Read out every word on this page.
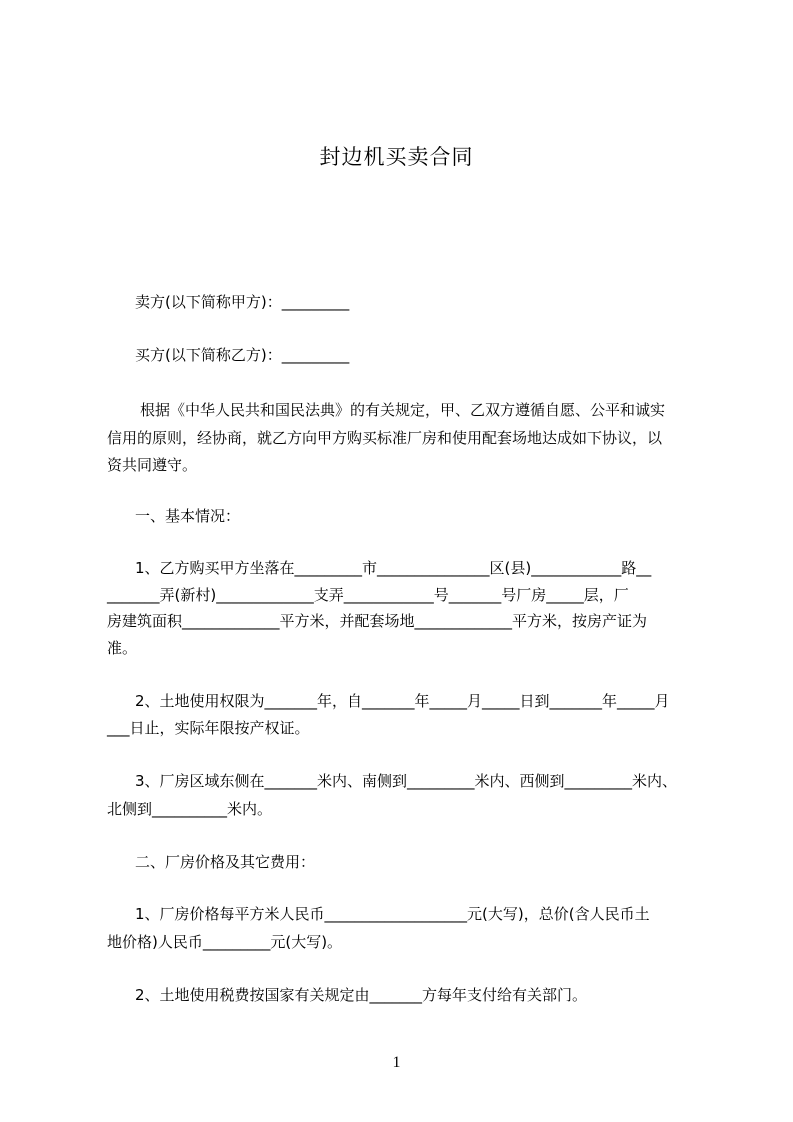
封边机买卖合同
卖方(以下简称甲方)：_________
买方(以下简称乙方)：_________
根据《中华人民共和国民法典》的有关规定，甲、乙双方遵循自愿、公平和诚实
信用的原则，经协商，就乙方向甲方购买标准厂房和使用配套场地达成如下协议，以
资共同遵守。
一、基本情况：
1、乙方购买甲方坐落在_________市_______________区(县)____________路__
_______弄(新村)_____________支弄____________号_______号厂房_____层，厂
房建筑面积_____________平方米，并配套场地_____________平方米，按房产证为
准。
2、土地使用权限为_______年，自_______年_____月_____日到_______年_____月
___日止，实际年限按产权证。
3、厂房区域东侧在_______米内、南侧到_________米内、西侧到_________米内、
北侧到__________米内。
二、厂房价格及其它费用：
1、厂房价格每平方米人民币___________________元(大写)，总价(含人民币土
地价格)人民币_________元(大写)。
2、土地使用税费按国家有关规定由_______方每年支付给有关部门。
1
